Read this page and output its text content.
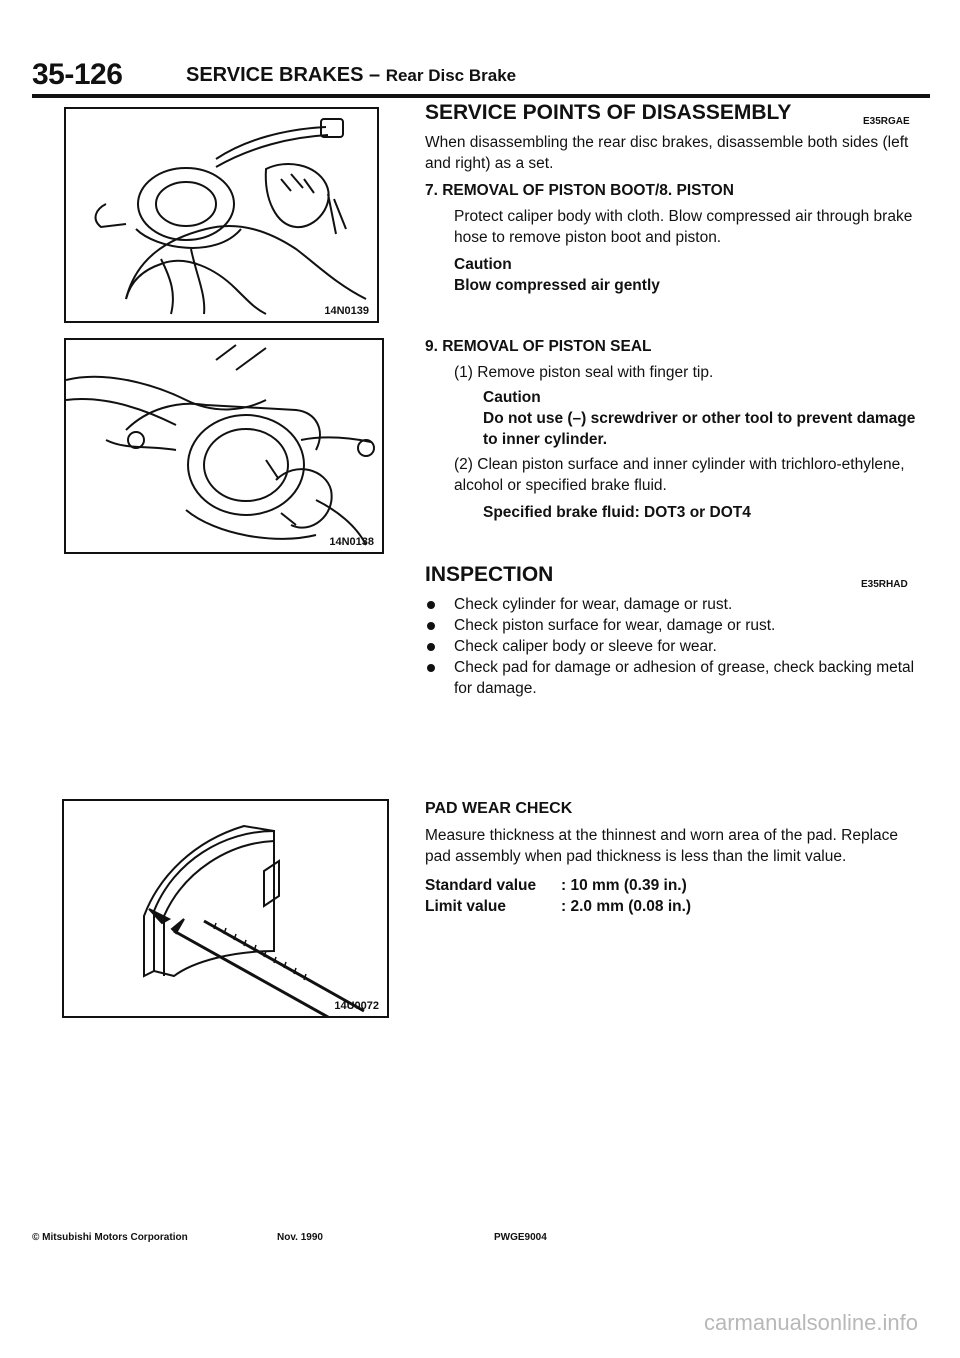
35-126	SERVICE BRAKES – Rear Disc Brake
14N0139
14N0138
14U0072
SERVICE POINTS OF DISASSEMBLY	E35RGAE

When disassembling the rear disc brakes, disassemble both sides (left and right) as a set.

7. REMOVAL OF PISTON BOOT/8. PISTON

Protect caliper body with cloth. Blow compressed air through brake hose to remove piston boot and piston.

Caution

Blow compressed air gently

9. REMOVAL OF PISTON SEAL

(1) Remove piston seal with finger tip.

Caution

Do not use (–) screwdriver or other tool to prevent damage to inner cylinder.

(2) Clean piston surface and inner cylinder with trichloro-ethylene, alcohol or specified brake fluid.

Specified brake fluid: DOT3 or DOT4

INSPECTION	E35RHAD
Check cylinder for wear, damage or rust.
Check piston surface for wear, damage or rust.
Check caliper body or sleeve for wear.
Check pad for damage or adhesion of grease, check backing metal for damage.

PAD WEAR CHECK

Measure thickness at the thinnest and worn area of the pad. Replace pad assembly when pad thickness is less than the limit value.

Standard value	: 10 mm (0.39 in.)
Limit value	: 2.0 mm (0.08 in.)
© Mitsubishi Motors Corporation	Nov. 1990	PWGE9004
carmanualsonline.info
